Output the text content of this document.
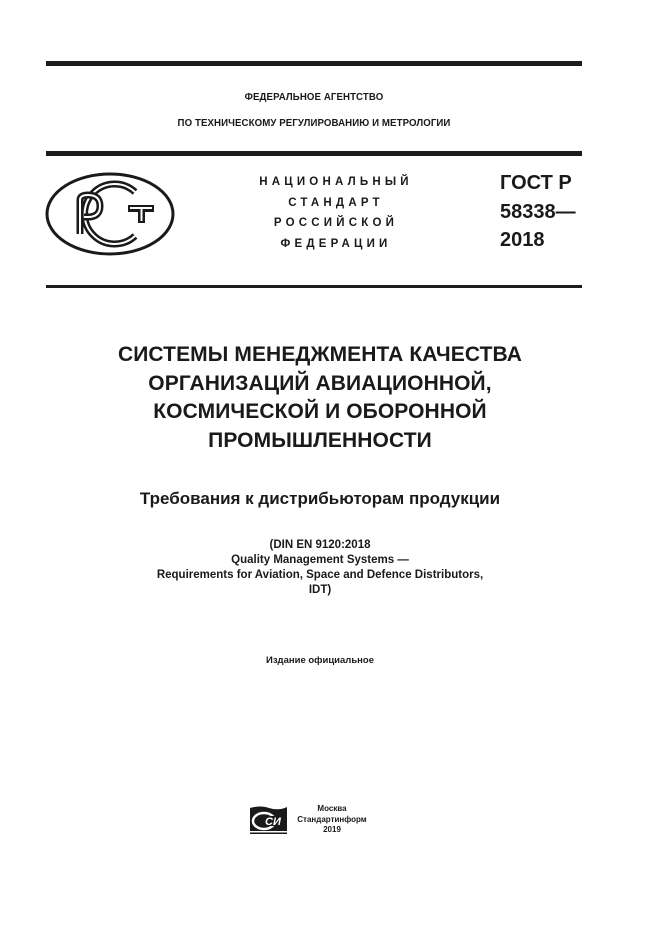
ФЕДЕРАЛЬНОЕ АГЕНТСТВО
ПО ТЕХНИЧЕСКОМУ РЕГУЛИРОВАНИЮ И МЕТРОЛОГИИ
НАЦИОНАЛЬНЫЙ
СТАНДАРТ
РОССИЙСКОЙ
ФЕДЕРАЦИИ
ГОСТ Р
58338—
2018
СИСТЕМЫ МЕНЕДЖМЕНТА КАЧЕСТВА
ОРГАНИЗАЦИЙ АВИАЦИОННОЙ,
КОСМИЧЕСКОЙ И ОБОРОННОЙ
ПРОМЫШЛЕННОСТИ
Требования к дистрибьюторам продукции
(DIN EN 9120:2018
Quality Management Systems —
Requirements for Aviation, Space and Defence Distributors,
IDT)
Издание официальное
СИ
Москва
Стандартинформ
2019
